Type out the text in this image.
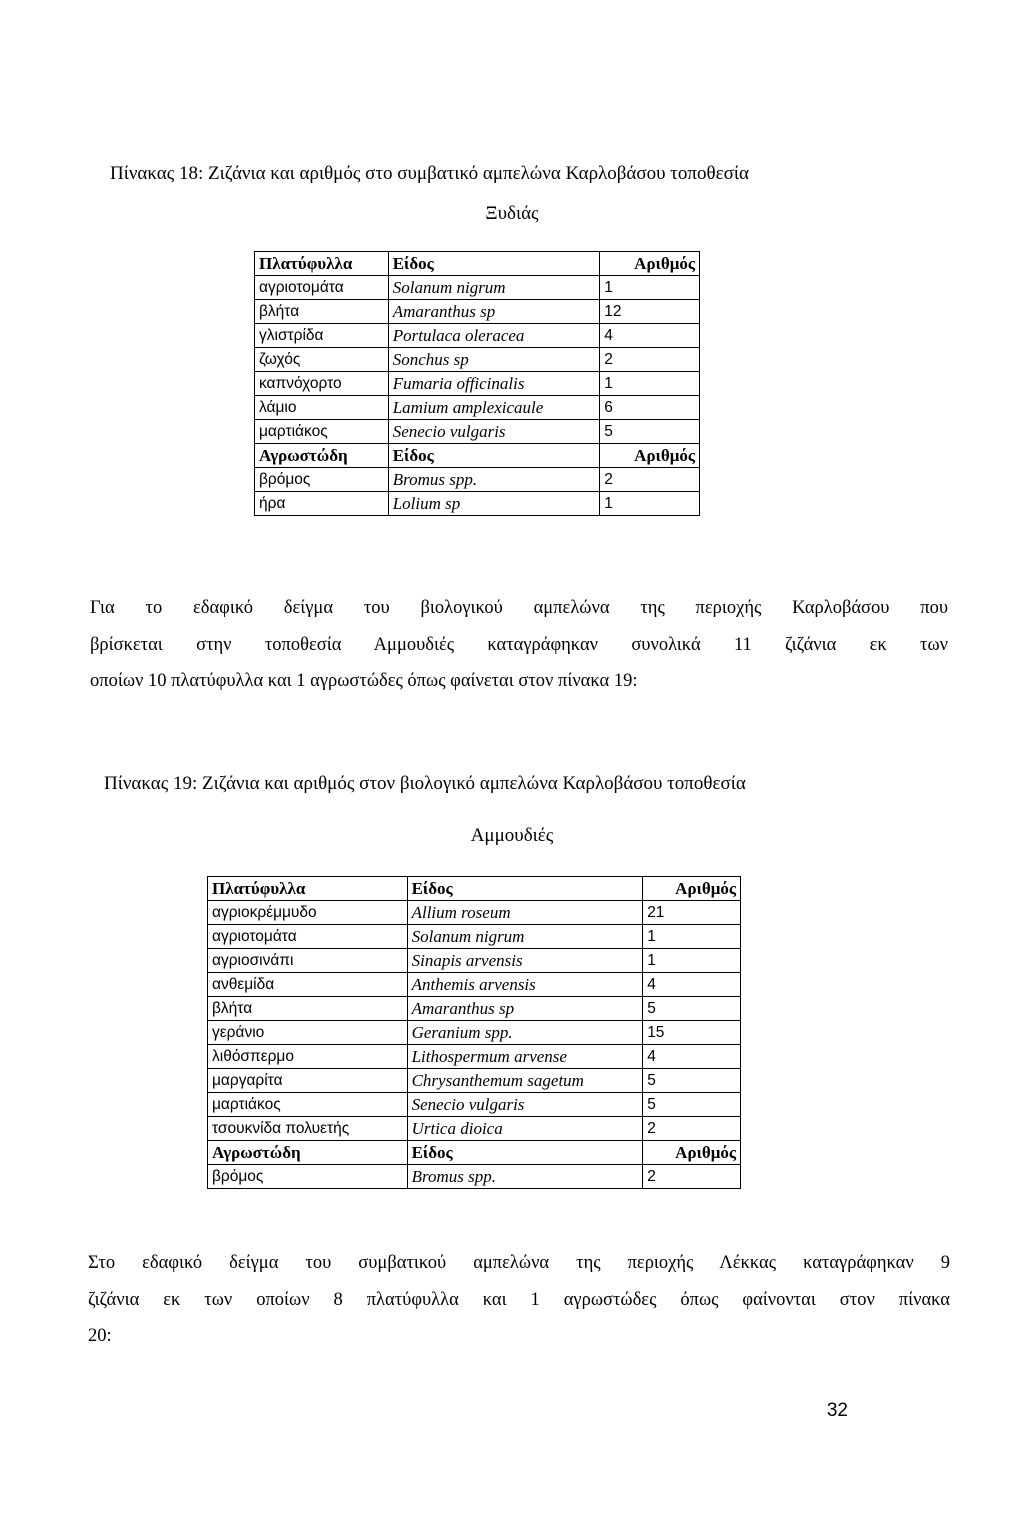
Πίνακας 18: Ζιζάνια και αριθμός στο συμβατικό αμπελώνα Καρλοβάσου τοποθεσία
Ξυδιάς

Πλατύφυλλα	Είδος	Αριθμός
αγριοτομάτα	Solanum nigrum	1
βλήτα	Amaranthus sp	12
γλιστρίδα	Portulaca oleracea	4
ζωχός	Sonchus sp	2
καπνόχορτο	Fumaria officinalis	1
λάμιο	Lamium amplexicaule	6
μαρτιάκος	Senecio vulgaris	5
Αγρωστώδη	Είδος	Αριθμός
βρόμος	Bromus spp.	2
ήρα	Lolium sp	1

Για το εδαφικό δείγμα του βιολογικού αμπελώνα της περιοχής Καρλοβάσου που
βρίσκεται στην τοποθεσία Αμμουδιές καταγράφηκαν συνολικά 11 ζιζάνια εκ των
οποίων 10 πλατύφυλλα και 1 αγρωστώδες όπως φαίνεται στον πίνακα 19:

Πίνακας 19: Ζιζάνια και αριθμός στον βιολογικό αμπελώνα Καρλοβάσου τοποθεσία
Αμμουδιές

Πλατύφυλλα	Είδος	Αριθμός
αγριοκρέμμυδο	Allium roseum	21
αγριοτομάτα	Solanum nigrum	1
αγριοσινάπι	Sinapis arvensis	1
ανθεμίδα	Anthemis arvensis	4
βλήτα	Amaranthus sp	5
γεράνιο	Geranium spp.	15
λιθόσπερμο	Lithospermum arvense	4
μαργαρίτα	Chrysanthemum sagetum	5
μαρτιάκος	Senecio vulgaris	5
τσουκνίδα πολυετής	Urtica dioica	2
Αγρωστώδη	Είδος	Αριθμός
βρόμος	Bromus spp.	2

Στο εδαφικό δείγμα του συμβατικού αμπελώνα της περιοχής Λέκκας καταγράφηκαν 9
ζιζάνια εκ των οποίων 8 πλατύφυλλα και 1 αγρωστώδες όπως φαίνονται στον πίνακα
20:

32
